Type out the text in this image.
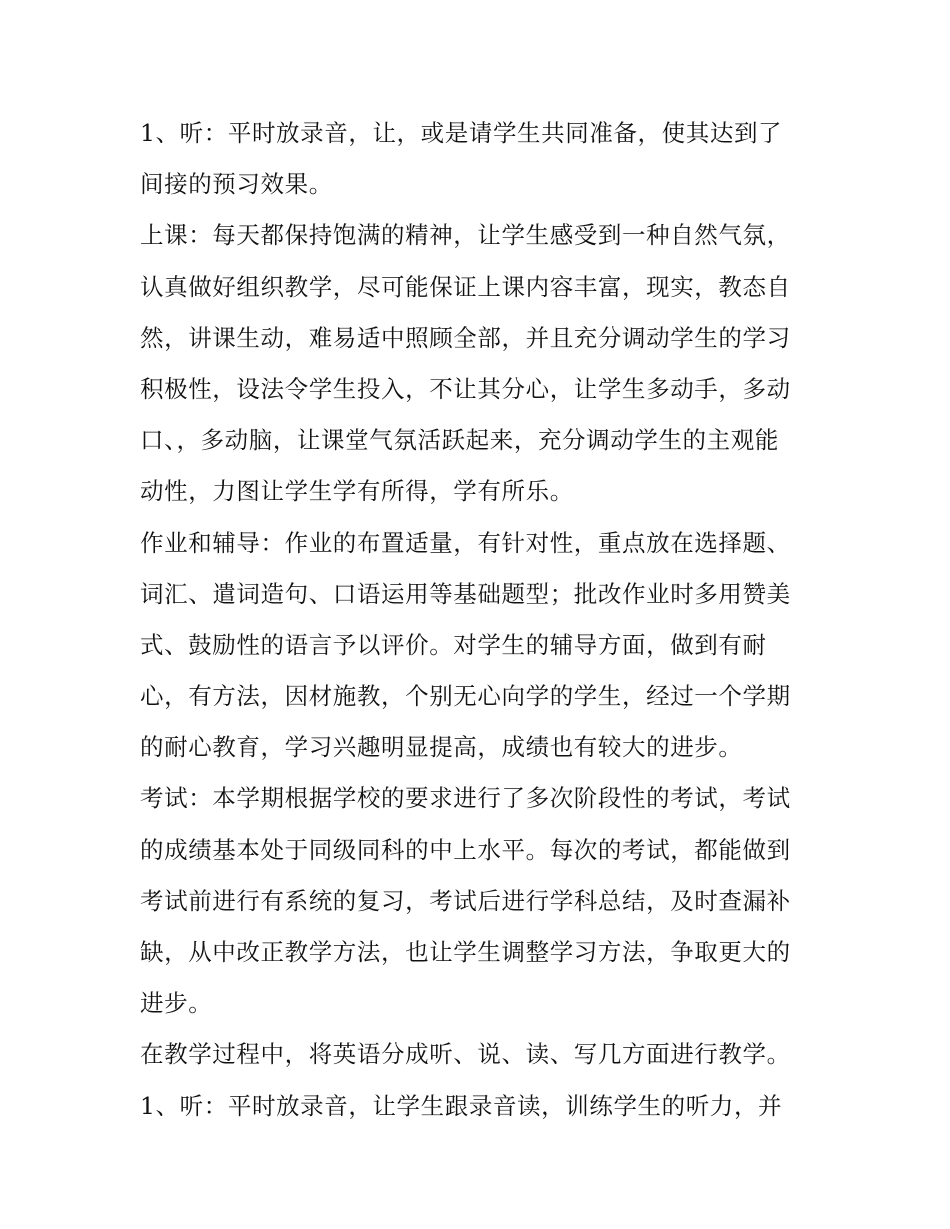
1、听：平时放录音，让，或是请学生共同准备，使其达到了
间接的预习效果。
上课：每天都保持饱满的精神，让学生感受到一种自然气氛，
认真做好组织教学，尽可能保证上课内容丰富，现实，教态自
然，讲课生动，难易适中照顾全部，并且充分调动学生的学习
积极性，设法令学生投入，不让其分心，让学生多动手，多动
口、，多动脑，让课堂气氛活跃起来，充分调动学生的主观能
动性，力图让学生学有所得，学有所乐。
作业和辅导：作业的布置适量，有针对性，重点放在选择题、
词汇、遣词造句、口语运用等基础题型；批改作业时多用赞美
式、鼓励性的语言予以评价。对学生的辅导方面，做到有耐
心，有方法，因材施教，个别无心向学的学生，经过一个学期
的耐心教育，学习兴趣明显提高，成绩也有较大的进步。
考试：本学期根据学校的要求进行了多次阶段性的考试，考试
的成绩基本处于同级同科的中上水平。每次的考试，都能做到
考试前进行有系统的复习，考试后进行学科总结，及时查漏补
缺，从中改正教学方法，也让学生调整学习方法，争取更大的
进步。
在教学过程中，将英语分成听、说、读、写几方面进行教学。
1、听：平时放录音，让学生跟录音读，训练学生的听力，并
